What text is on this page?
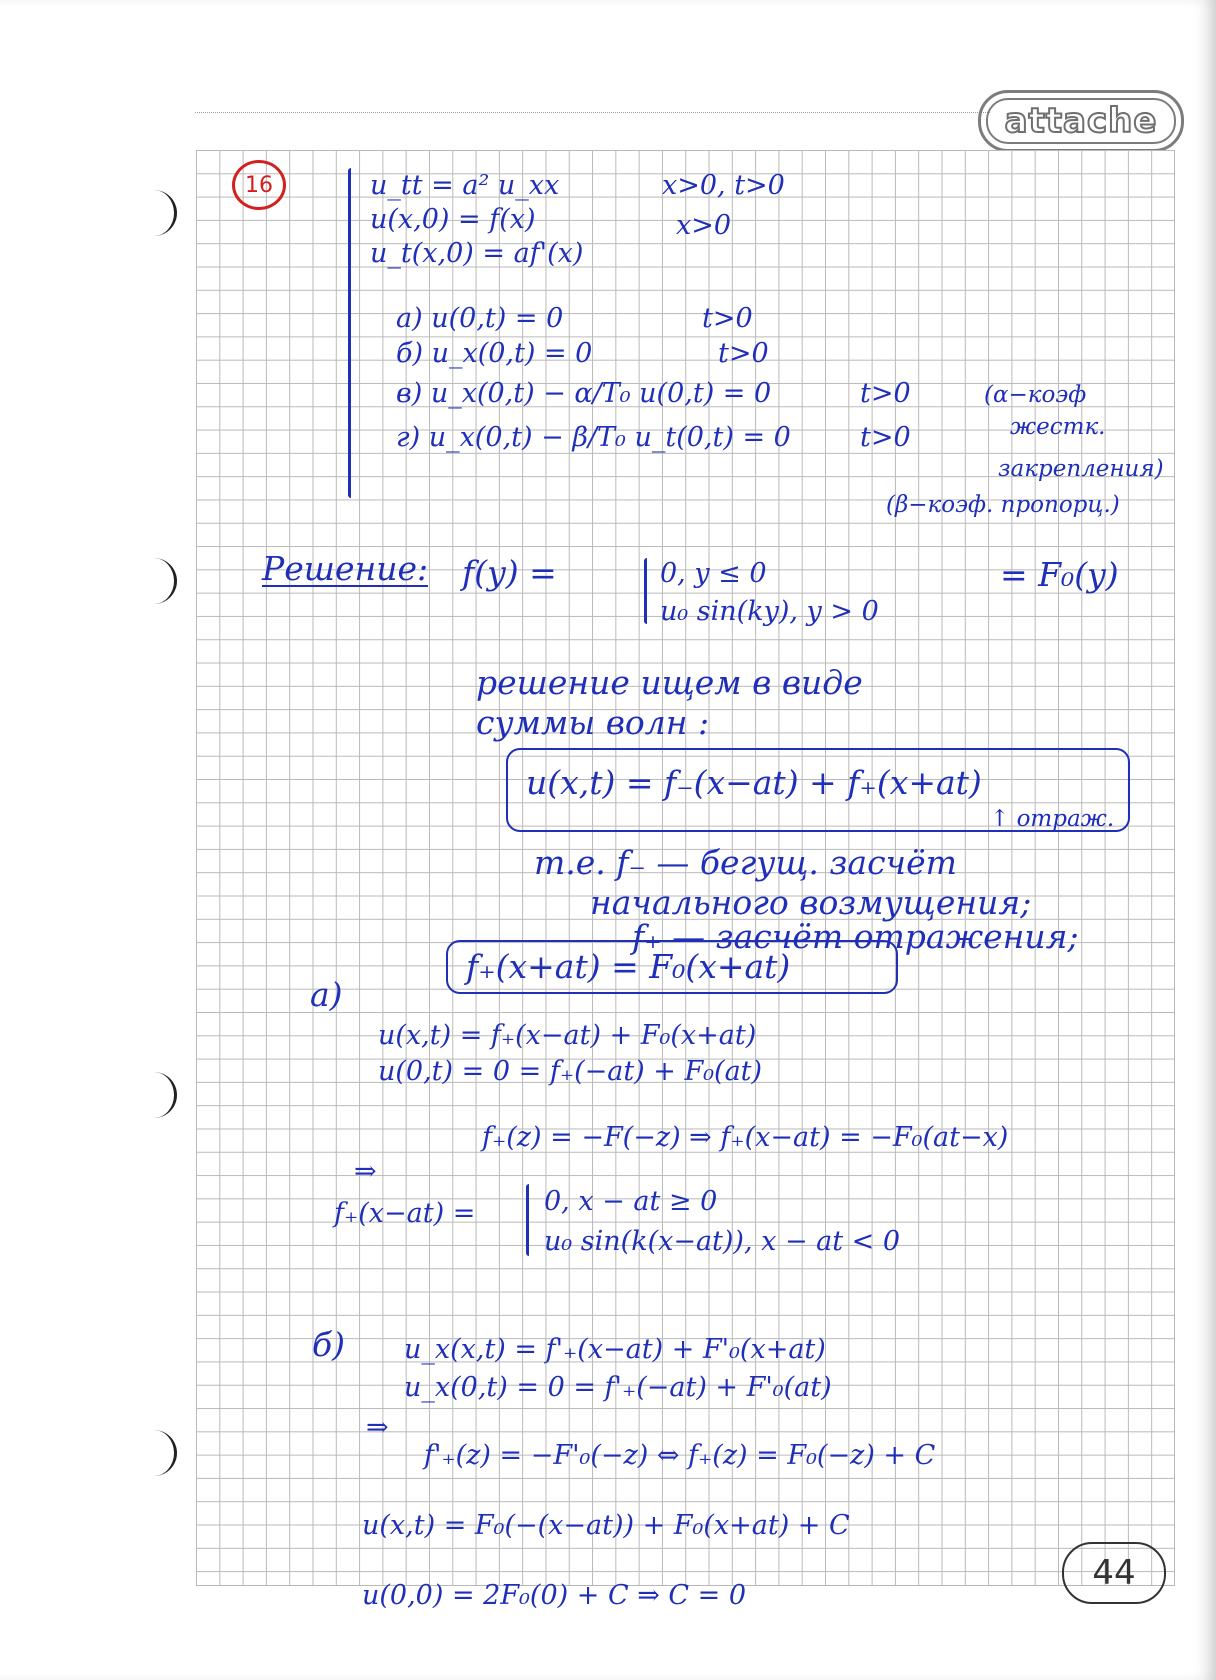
attache
16	u_tt = a² u_xx	x>0, t>0
u(x,0) = f(x)	x>0
u_t(x,0) = af'(x)
a) u(0,t) = 0	t>0
б) u_x(0,t) = 0	t>0
в) u_x(0,t) − α/T₀ u(0,t) = 0	t>0
г) u_x(0,t) − β/T₀ u_t(0,t) = 0	t>0
(α−коэф
жестк.
закрепления)
(β−коэф. пропорц.)
Решение: f(y) =	0, y ≤ 0
u₀ sin(ky), y > 0
= F₀(y)
решение ищем в виде
суммы волн :
u(x,t) = f₋(x−at) + f₊(x+at)
↑ отраж.
т.е. f₋ — бегущ. засчёт
начального возмущения;
f₊ — засчёт отражения;
f₊(x+at) = F₀(x+at)
a)
u(x,t) = f₊(x−at) + F₀(x+at)
u(0,t) = 0 = f₊(−at) + F₀(at)
f₊(z) = −F(−z) ⇒ f₊(x−at) = −F₀(at−x)
⇒
f₊(x−at) =	0, x − at ≥ 0
u₀ sin(k(x−at)), x − at < 0
б) u_x(x,t) = f'₊(x−at) + F'₀(x+at)
u_x(0,t) = 0 = f'₊(−at) + F'₀(at)
⇒
f'₊(z) = −F'₀(−z) ⇔ f₊(z) = F₀(−z) + C
u(x,t) = F₀(−(x−at)) + F₀(x+at) + C
u(0,0) = 2F₀(0) + C ⇒ C = 0
44
